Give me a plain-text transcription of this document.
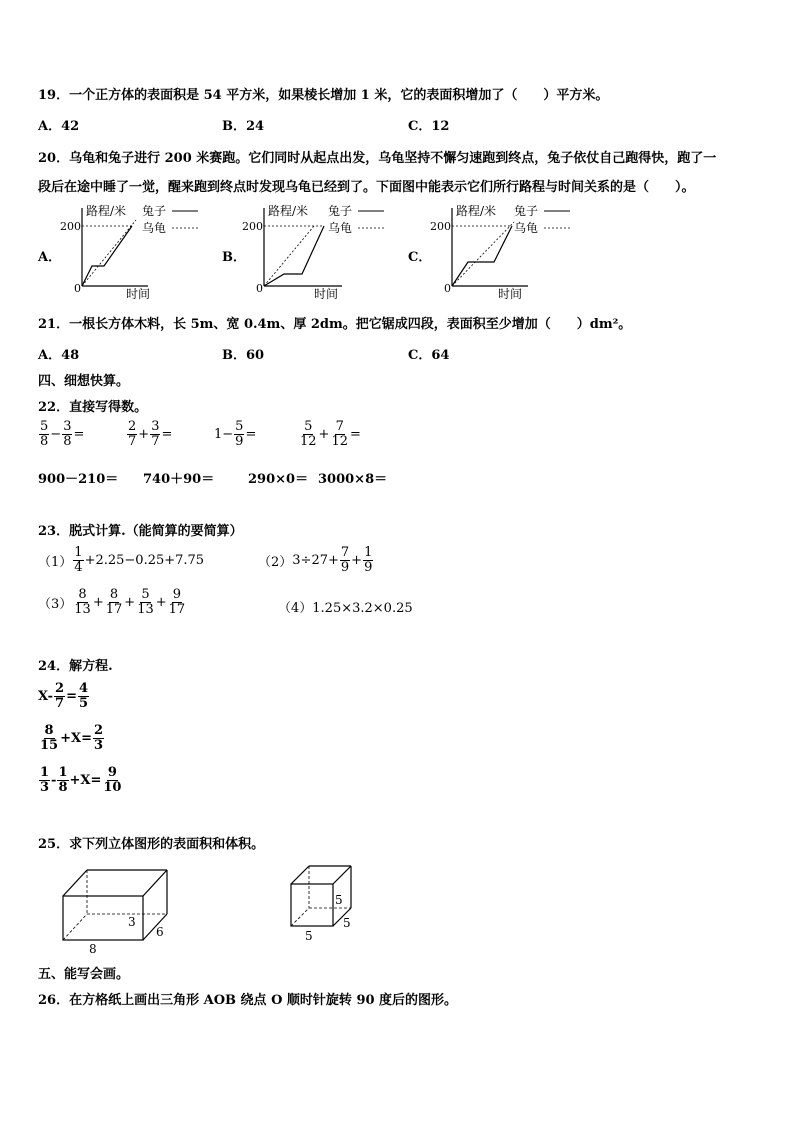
19．一个正方体的表面积是 54 平方米，如果棱长增加 1 米，它的表面积增加了（　　）平方米。
A．42	B．24	C．12
20．乌龟和兔子进行 200 米赛跑。它们同时从起点出发，乌龟坚持不懈匀速跑到终点，兔子依仗自己跑得快，跑了一
段后在途中睡了一觉，醒来跑到终点时发现乌龟已经到了。下面图中能表示它们所行路程与时间关系的是（　　）。
A．
200
0
路程/米
时间
兔子
乌龟
B．
200
0
路程/米
时间
兔子
乌龟
C．
200
0
路程/米
时间
兔子
乌龟
21．一根长方体木料，长 5m、宽 0.4m、厚 2dm。把它锯成四段，表面积至少增加（　　）dm²。
A．48	B．60	C．64
四、细想快算。
22．直接写得数。
$\frac{5}{8} - \frac{3}{8}$ =	$\frac{2}{7} + \frac{3}{7}$ =	$1- \frac{5}{9}$ =	$\frac{5}{12} + \frac{7}{12}$ =
900－210＝ 740＋90＝	290×0＝ 3000×8＝
23．脱式计算.（能简算的要简算）
$(1) \frac{1}{4} +2.25-0.25+7.75$	（2） $3\div 27+ \frac{7}{9} + \frac{1}{9}$
$(3) \frac{8}{13} + \frac{8}{17} + \frac{5}{13} + \frac{9}{17}$	（4）1.25×3.2×0.25
24．解方程.
$X- \frac{2}{7} = \frac{4}{5}$
$\frac{8}{15} +X = \frac{2}{3}$
$\frac{1}{3} - \frac{1}{8} +X = \frac{9}{10}$
25．求下列立体图形的表面积和体积。
8
6
3
5
5
5
五、能写会画。
26．在方格纸上画出三角形 AOB 绕点 O 顺时针旋转 90 度后的图形。
